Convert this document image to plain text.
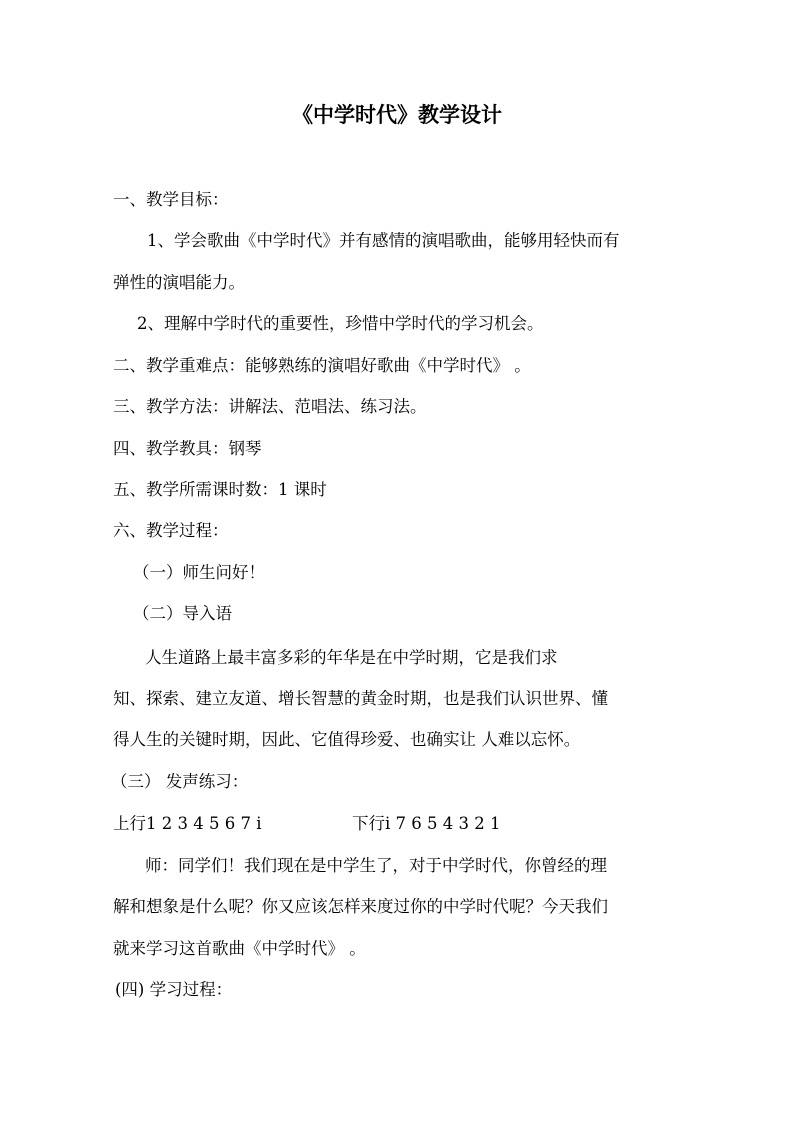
《中学时代》教学设计
一、教学目标：
1、学会歌曲《中学时代》并有感情的演唱歌曲，能够用轻快而有
弹性的演唱能力。
2、理解中学时代的重要性，珍惜中学时代的学习机会。
二、教学重难点：能够熟练的演唱好歌曲《中学时代》 。
三、教学方法：讲解法、范唱法、练习法。
四、教学教具：钢琴
五、教学所需课时数：1 课时
六、教学过程：
（一）师生问好！
（二）导入语
人生道路上最丰富多彩的年华是在中学时期，它是我们求
知、探索、建立友道、增长智慧的黄金时期，也是我们认识世界、懂
得人生的关键时期，因此、它值得珍爱、也确实让 人难以忘怀。
（三） 发声练习：
上行1 2 3 4 5 6 7 i	下行i 7 6 5 4 3 2 1
师：同学们！我们现在是中学生了，对于中学时代，你曾经的理
解和想象是什么呢？你又应该怎样来度过你的中学时代呢？今天我们
就来学习这首歌曲《中学时代》 。
(四) 学习过程：
